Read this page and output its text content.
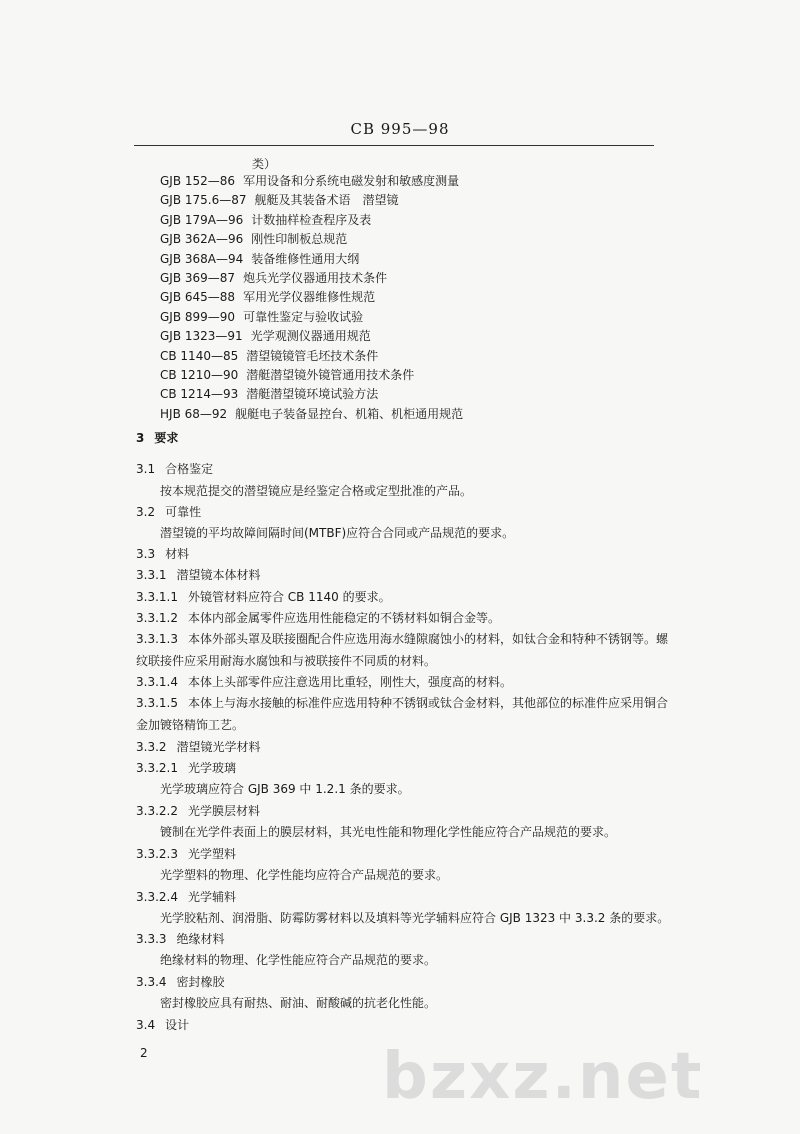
CB 995—98
类）
GJB 152—86 军用设备和分系统电磁发射和敏感度测量
GJB 175.6—87 舰艇及其装备术语　潜望镜
GJB 179A—96 计数抽样检查程序及表
GJB 362A—96 刚性印制板总规范
GJB 368A—94 装备维修性通用大纲
GJB 369—87 炮兵光学仪器通用技术条件
GJB 645—88 军用光学仪器维修性规范
GJB 899—90 可靠性鉴定与验收试验
GJB 1323—91 光学观测仪器通用规范
CB 1140—85 潜望镜镜管毛坯技术条件
CB 1210—90 潜艇潜望镜外镜管通用技术条件
CB 1214—93 潜艇潜望镜环境试验方法
HJB 68—92 舰艇电子装备显控台、机箱、机柜通用规范
3 要求
3.1 合格鉴定
按本规范提交的潜望镜应是经鉴定合格或定型批准的产品。
3.2 可靠性
潜望镜的平均故障间隔时间(MTBF)应符合合同或产品规范的要求。
3.3 材料
3.3.1 潜望镜本体材料
3.3.1.1 外镜管材料应符合 CB 1140 的要求。
3.3.1.2 本体内部金属零件应选用性能稳定的不锈材料如铜合金等。
3.3.1.3 本体外部头罩及联接圈配合件应选用海水缝隙腐蚀小的材料，如钛合金和特种不锈钢等。螺
纹联接件应采用耐海水腐蚀和与被联接件不同质的材料。
3.3.1.4 本体上头部零件应注意选用比重轻，刚性大，强度高的材料。
3.3.1.5 本体上与海水接触的标准件应选用特种不锈钢或钛合金材料，其他部位的标准件应采用铜合
金加镀铬精饰工艺。
3.3.2 潜望镜光学材料
3.3.2.1 光学玻璃
光学玻璃应符合 GJB 369 中 1.2.1 条的要求。
3.3.2.2 光学膜层材料
镀制在光学件表面上的膜层材料，其光电性能和物理化学性能应符合产品规范的要求。
3.3.2.3 光学塑料
光学塑料的物理、化学性能均应符合产品规范的要求。
3.3.2.4 光学辅料
光学胶粘剂、润滑脂、防霉防雾材料以及填料等光学辅料应符合 GJB 1323 中 3.3.2 条的要求。
3.3.3 绝缘材料
绝缘材料的物理、化学性能应符合产品规范的要求。
3.3.4 密封橡胶
密封橡胶应具有耐热、耐油、耐酸碱的抗老化性能。
3.4 设计
2	bzxz.net
